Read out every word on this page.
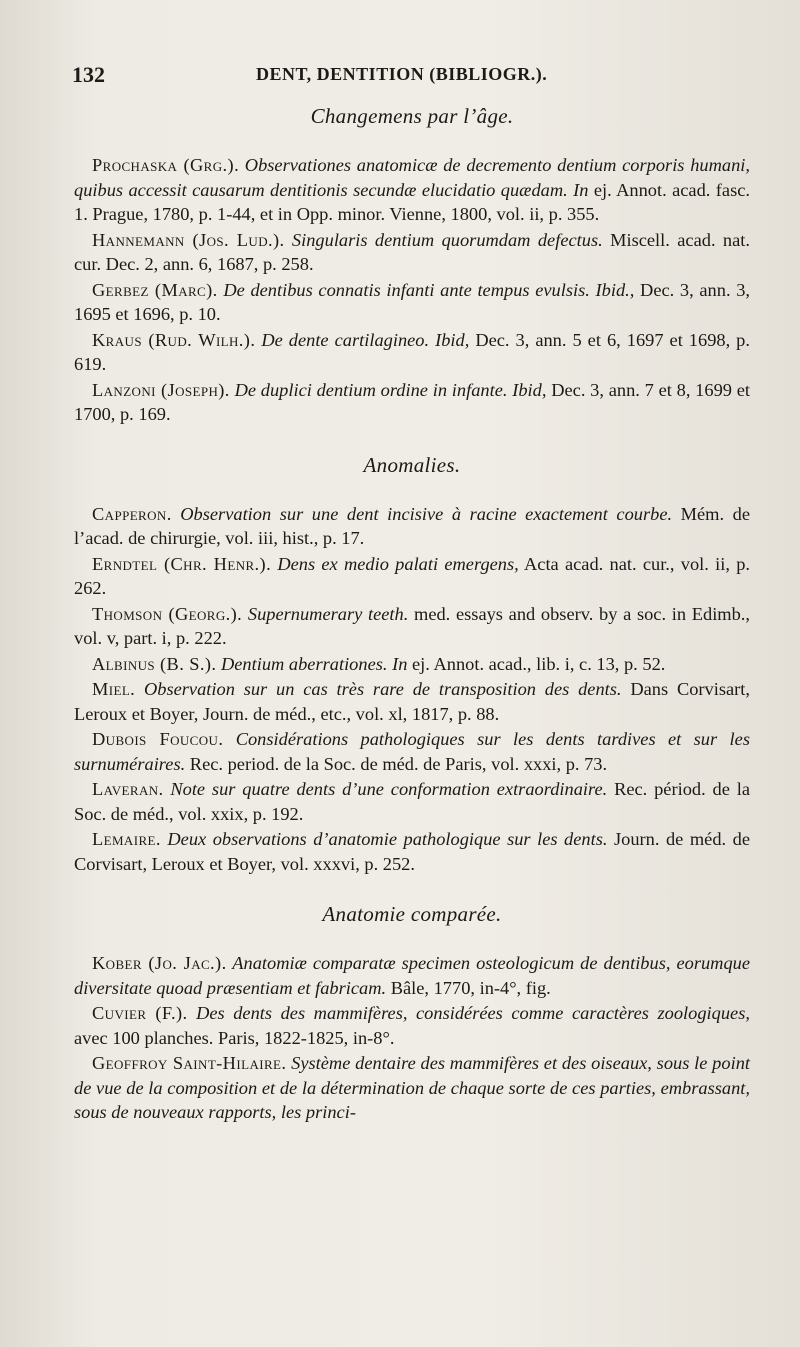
132	DENT, DENTITION (BIBLIOGR.).
Changemens par l’âge.

Prochaska (Grg.). Observationes anatomicæ de decremento dentium corporis humani, quibus accessit causarum dentitionis secundæ elucidatio quædam. In ej. Annot. acad. fasc. 1. Prague, 1780, p. 1-44, et in Opp. minor. Vienne, 1800, vol. ii, p. 355.

Hannemann (Jos. Lud.). Singularis dentium quorumdam defectus. Miscell. acad. nat. cur. Dec. 2, ann. 6, 1687, p. 258.

Gerbez (Marc). De dentibus connatis infanti ante tempus evulsis. Ibid., Dec. 3, ann. 3, 1695 et 1696, p. 10.

Kraus (Rud. Wilh.). De dente cartilagineo. Ibid, Dec. 3, ann. 5 et 6, 1697 et 1698, p. 619.

Lanzoni (Joseph). De duplici dentium ordine in infante. Ibid, Dec. 3, ann. 7 et 8, 1699 et 1700, p. 169.

Anomalies.

Capperon. Observation sur une dent incisive à racine exactement courbe. Mém. de l’acad. de chirurgie, vol. iii, hist., p. 17.

Erndtel (Chr. Henr.). Dens ex medio palati emergens, Acta acad. nat. cur., vol. ii, p. 262.

Thomson (Georg.). Supernumerary teeth. med. essays and observ. by a soc. in Edimb., vol. v, part. i, p. 222.

Albinus (B. S.). Dentium aberrationes. In ej. Annot. acad., lib. i, c. 13, p. 52.

Miel. Observation sur un cas très rare de transposition des dents. Dans Corvisart, Leroux et Boyer, Journ. de méd., etc., vol. xl, 1817, p. 88.

Dubois Foucou. Considérations pathologiques sur les dents tardives et sur les surnuméraires. Rec. period. de la Soc. de méd. de Paris, vol. xxxi, p. 73.

Laveran. Note sur quatre dents d’une conformation extraordinaire. Rec. périod. de la Soc. de méd., vol. xxix, p. 192.

Lemaire. Deux observations d’anatomie pathologique sur les dents. Journ. de méd. de Corvisart, Leroux et Boyer, vol. xxxvi, p. 252.

Anatomie comparée.

Kober (Jo. Jac.). Anatomiæ comparatæ specimen osteologicum de dentibus, eorumque diversitate quoad præsentiam et fabricam. Bâle, 1770, in-4°, fig.

Cuvier (F.). Des dents des mammifères, considérées comme caractères zoologiques, avec 100 planches. Paris, 1822-1825, in-8°.

Geoffroy Saint-Hilaire. Système dentaire des mammifères et des oiseaux, sous le point de vue de la composition et de la détermination de chaque sorte de ces parties, embrassant, sous de nouveaux rapports, les princi-
